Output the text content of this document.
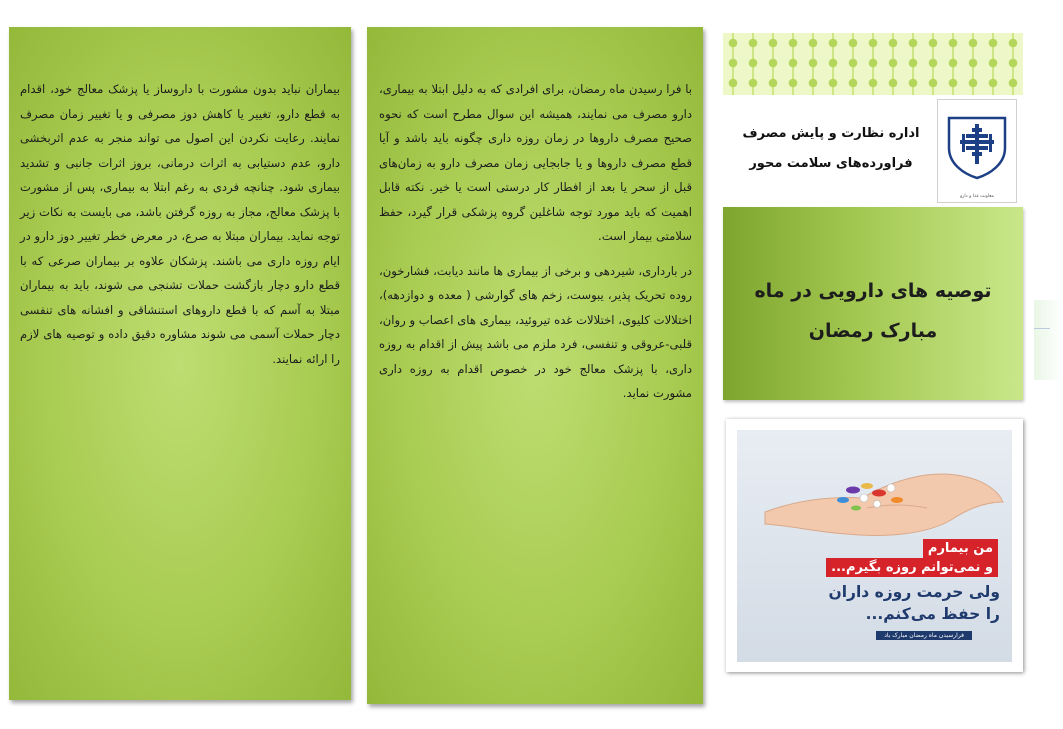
بیماران نباید بدون مشورت با داروساز یا پزشک معالج خود، اقدام به قطع دارو، تغییر یا کاهش دوز مصرفی و یا تغییر زمان مصرف نمایند. رعایت نکردن این اصول می تواند منجر به عدم اثربخشی دارو، عدم دستیابی به اثرات درمانی، بروز اثرات جانبی و تشدید بیماری شود. چنانچه فردی به رغم ابتلا به بیماری، پس از مشورت با پزشک معالج، مجاز به روزه گرفتن باشد، می بایست به نکات زیر توجه نماید. بیماران مبتلا به صرع، در معرض خطر تغییر دوز دارو در ایام روزه داری می باشند. پزشکان علاوه بر بیماران صرعی که با قطع دارو دچار بازگشت حملات تشنجی می شوند، باید به بیماران مبتلا به آسم که با قطع داروهای استنشاقی و افشانه های تنفسی دچار حملات آسمی می شوند مشاوره دقیق داده و توصیه های لازم را ارائه نمایند.

با فرا رسیدن ماه رمضان، برای افرادی که به دلیل ابتلا به بیماری، دارو مصرف می نمایند، همیشه این سوال مطرح است که نحوه صحیح مصرف داروها در زمان روزه داری چگونه باید باشد و آیا قطع مصرف داروها و یا جابجایی زمان مصرف دارو به زمان‌های قبل از سحر یا بعد از افطار کار درستی است یا خیر. نکته قابل اهمیت که باید مورد توجه شاغلین گروه پزشکی قرار گیرد، حفظ سلامتی بیمار است.

در بارداری، شیردهی و برخی از بیماری ها مانند دیابت، فشارخون، روده تحریک پذیر، یبوست، زخم های گوارشی ( معده و دوازدهه)، اختلالات کلیوی، اختلالات غده تیروئید، بیماری های اعصاب و روان، قلبی-عروقی و تنفسی، فرد ملزم می باشد پیش از اقدام به روزه داری، با پزشک معالج خود در خصوص اقدام به روزه داری مشورت نماید.

معاونت غذا و دارو
اداره نظارت و پایش مصرف
فراورده‌های سلامت محور

توصیه های دارویی در ماه مبارک رمضان

من بیمارم
و نمی‌توانم روزه بگیرم...
ولی حرمت روزه داران
را حفظ می‌کنم...
فرارسیدن ماه رمضان مبارک باد
